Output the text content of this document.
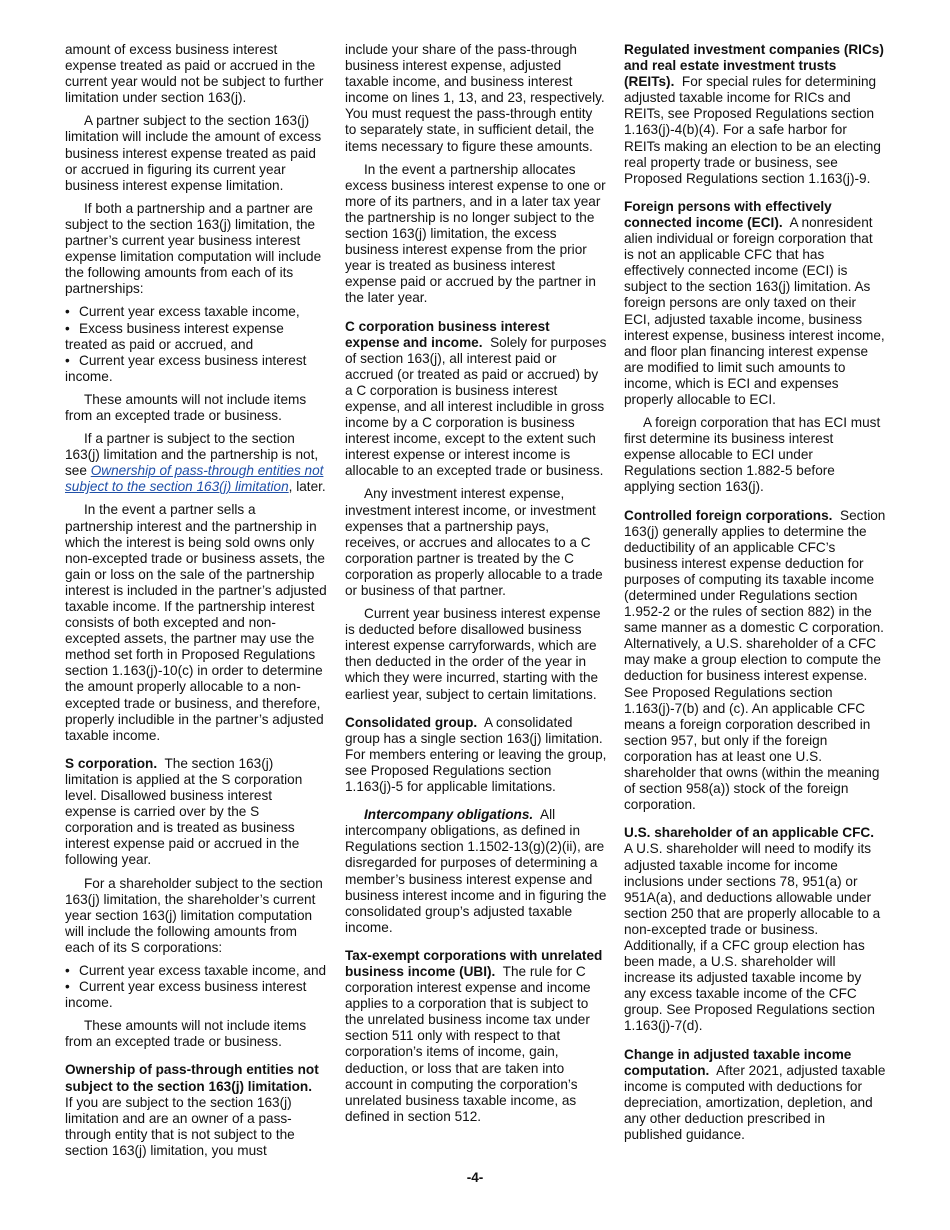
amount of excess business interest expense treated as paid or accrued in the current year would not be subject to further limitation under section 163(j).

A partner subject to the section 163(j) limitation will include the amount of excess business interest expense treated as paid or accrued in figuring its current year business interest expense limitation.

If both a partnership and a partner are subject to the section 163(j) limitation, the partner’s current year business interest expense limitation computation will include the following amounts from each of its partnerships:

• Current year excess taxable income,
• Excess business interest expense treated as paid or accrued, and
• Current year excess business interest income.

These amounts will not include items from an excepted trade or business.

If a partner is subject to the section 163(j) limitation and the partnership is not, see Ownership of pass-through entities not subject to the section 163(j) limitation, later.

In the event a partner sells a partnership interest and the partnership in which the interest is being sold owns only non-excepted trade or business assets, the gain or loss on the sale of the partnership interest is included in the partner’s adjusted taxable income. If the partnership interest consists of both excepted and non-excepted assets, the partner may use the method set forth in Proposed Regulations section 1.163(j)-10(c) in order to determine the amount properly allocable to a non-excepted trade or business, and therefore, properly includible in the partner’s adjusted taxable income.

S corporation. The section 163(j) limitation is applied at the S corporation level. Disallowed business interest expense is carried over by the S corporation and is treated as business interest expense paid or accrued in the following year.

For a shareholder subject to the section 163(j) limitation, the shareholder’s current year section 163(j) limitation computation will include the following amounts from each of its S corporations:

• Current year excess taxable income, and
• Current year excess business interest income.

These amounts will not include items from an excepted trade or business.

Ownership of pass-through entities not subject to the section 163(j) limitation.  If you are subject to the section 163(j) limitation and are an owner of a pass-through entity that is not subject to the section 163(j) limitation, you must

include your share of the pass-through business interest expense, adjusted taxable income, and business interest income on lines 1, 13, and 23, respectively. You must request the pass-through entity to separately state, in sufficient detail, the items necessary to figure these amounts.

In the event a partnership allocates excess business interest expense to one or more of its partners, and in a later tax year the partnership is no longer subject to the section 163(j) limitation, the excess business interest expense from the prior year is treated as business interest expense paid or accrued by the partner in the later year.

C corporation business interest expense and income. Solely for purposes of section 163(j), all interest paid or accrued (or treated as paid or accrued) by a C corporation is business interest expense, and all interest includible in gross income by a C corporation is business interest income, except to the extent such interest expense or interest income is allocable to an excepted trade or business.

Any investment interest expense, investment interest income, or investment expenses that a partnership pays, receives, or accrues and allocates to a C corporation partner is treated by the C corporation as properly allocable to a trade or business of that partner.

Current year business interest expense is deducted before disallowed business interest expense carryforwards, which are then deducted in the order of the year in which they were incurred, starting with the earliest year, subject to certain limitations.

Consolidated group. A consolidated group has a single section 163(j) limitation. For members entering or leaving the group, see Proposed Regulations section 1.163(j)-5 for applicable limitations.

Intercompany obligations. All intercompany obligations, as defined in Regulations section 1.1502-13(g)(2)(ii), are disregarded for purposes of determining a member’s business interest expense and business interest income and in figuring the consolidated group’s adjusted taxable income.

Tax-exempt corporations with unrelated business income (UBI). The rule for C corporation interest expense and income applies to a corporation that is subject to the unrelated business income tax under section 511 only with respect to that corporation’s items of income, gain, deduction, or loss that are taken into account in computing the corporation’s unrelated business taxable income, as defined in section 512.

Regulated investment companies (RICs) and real estate investment trusts (REITs). For special rules for determining adjusted taxable income for RICs and REITs, see Proposed Regulations section 1.163(j)-4(b)(4). For a safe harbor for REITs making an election to be an electing real property trade or business, see Proposed Regulations section 1.163(j)-9.

Foreign persons with effectively connected income (ECI). A nonresident alien individual or foreign corporation that is not an applicable CFC that has effectively connected income (ECI) is subject to the section 163(j) limitation. As foreign persons are only taxed on their ECI, adjusted taxable income, business interest expense, business interest income, and floor plan financing interest expense are modified to limit such amounts to income, which is ECI and expenses properly allocable to ECI.

A foreign corporation that has ECI must first determine its business interest expense allocable to ECI under Regulations section 1.882-5 before applying section 163(j).

Controlled foreign corporations. Section 163(j) generally applies to determine the deductibility of an applicable CFC’s business interest expense deduction for purposes of computing its taxable income (determined under Regulations section 1.952-2 or the rules of section 882) in the same manner as a domestic C corporation. Alternatively, a U.S. shareholder of a CFC may make a group election to compute the deduction for business interest expense. See Proposed Regulations section 1.163(j)-7(b) and (c). An applicable CFC means a foreign corporation described in section 957, but only if the foreign corporation has at least one U.S. shareholder that owns (within the meaning of section 958(a)) stock of the foreign corporation.

U.S. shareholder of an applicable CFC.  A U.S. shareholder will need to modify its adjusted taxable income for income inclusions under sections 78, 951(a) or 951A(a), and deductions allowable under section 250 that are properly allocable to a non-excepted trade or business. Additionally, if a CFC group election has been made, a U.S. shareholder will increase its adjusted taxable income by any excess taxable income of the CFC group. See Proposed Regulations section 1.163(j)-7(d).

Change in adjusted taxable income computation. After 2021, adjusted taxable income is computed with deductions for depreciation, amortization, depletion, and any other deduction prescribed in published guidance.

-4-
